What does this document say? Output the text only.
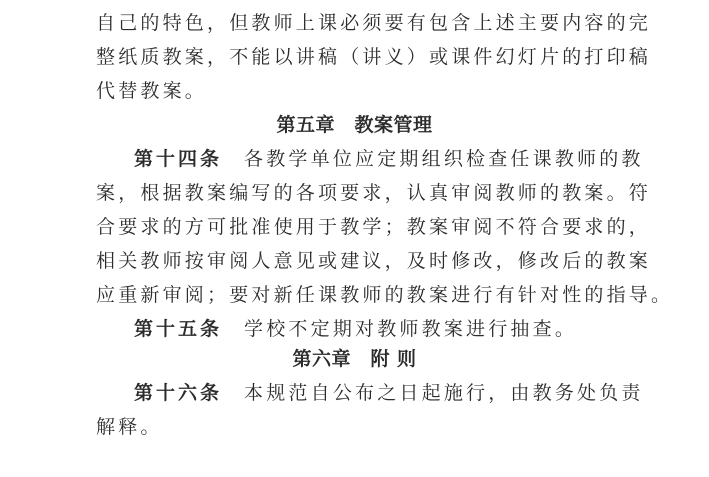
自己的特色，但教师上课必须要有包含上述主要内容的完
整纸质教案，不能以讲稿（讲义）或课件幻灯片的打印稿
代替教案。
第五章　教案管理
第十四条 各教学单位应定期组织检查任课教师的教
案，根据教案编写的各项要求，认真审阅教师的教案。符
合要求的方可批准使用于教学；教案审阅不符合要求的，
相关教师按审阅人意见或建议，及时修改，修改后的教案
应重新审阅；要对新任课教师的教案进行有针对性的指导。
第十五条 学校不定期对教师教案进行抽查。
第六章　附 则
第十六条 本规范自公布之日起施行，由教务处负责
解释。
